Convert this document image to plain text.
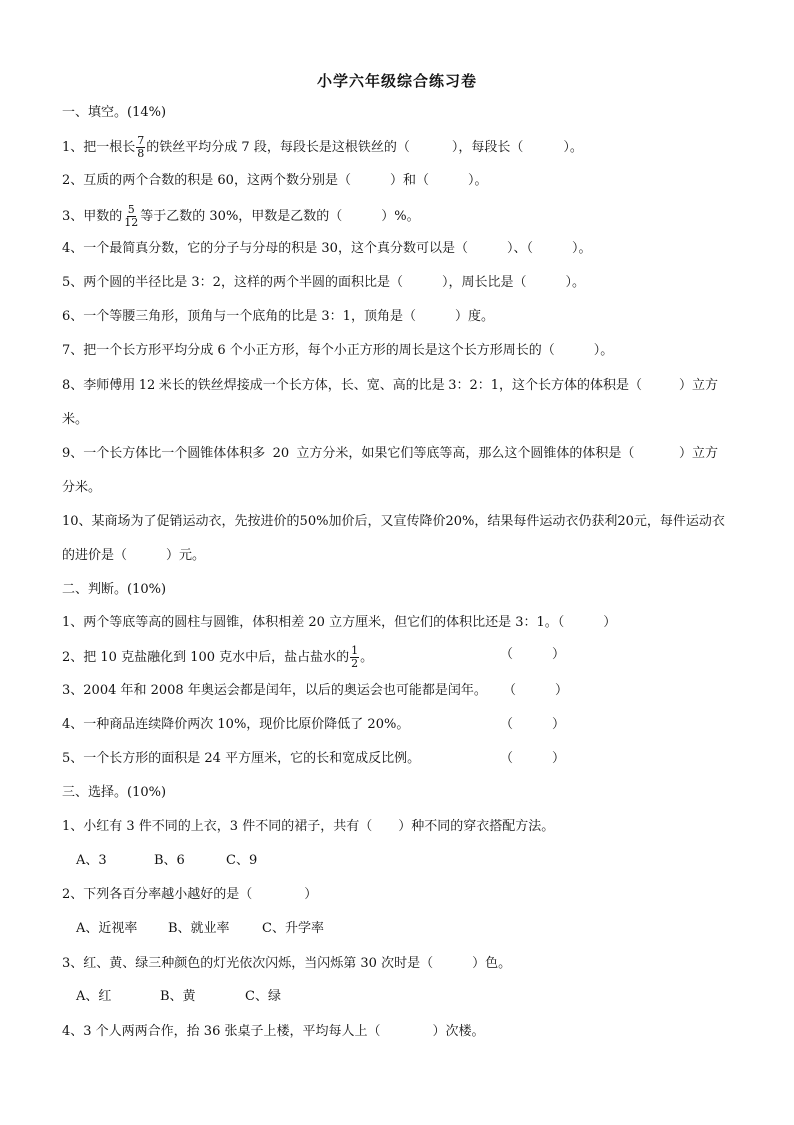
小学六年级综合练习卷
一、填空。(14%)
1、把一根长 $\frac{7}{8}$ 的铁丝平均分成 7 段，每段长是这根铁丝的（	），每段长（	）。
2、互质的两个合数的积是 60，这两个数分别是（　　　）和（　　　）。
3、甲数的 $\frac{5}{12}$ 等于乙数的 30%，甲数是乙数的（　　　）%。
4、一个最简真分数，它的分子与分母的积是 30，这个真分数可以是（　　　）、（　　　）。
5、两个圆的半径比是 3：2，这样的两个半圆的面积比是（　　　），周长比是（　　　）。
6、一个等腰三角形，顶角与一个底角的比是 3：1，顶角是（　　　）度。
7、把一个长方形平均分成 6 个小正方形，每个小正方形的周长是这个长方形周长的（　　　）。
8、李师傅用 12 米长的铁丝焊接成一个长方体，长、宽、高的比是 3：2：1，这个长方体的体积是（	）立方
米。
9、一个长方体比一个圆锥体体积多 20 立方分米，如果它们等底等高，那么这个圆锥体的体积是（	）立方
分米。
10、某商场为了促销运动衣，先按进价的 50%加价后，又宣传降价 20%，结果每件运动衣仍获利 20 元，每件运动衣
的进价是（　　　）元。
二、判断。(10%)
1、两个等底等高的圆柱与圆锥，体积相差 20 立方厘米，但它们的体积比还是 3：1。（　　　）
2、把 10 克盐融化到 100 克水中后，盐占盐水的 $\frac{1}{2}$ 。	（　　　）
3、2004 年和 2008 年奥运会都是闰年，以后的奥运会也可能都是闰年。 （　　　）
4、一种商品连续降价两次 10%，现价比原价降低了 20%。	（　　　）
5、一个长方形的面积是 24 平方厘米，它的长和宽成反比例。	（　　　）
三、选择。(10%)
1、小红有 3 件不同的上衣，3 件不同的裙子，共有（　　）种不同的穿衣搭配方法。
A、3	B、6	C、9
2、下列各百分率越小越好的是（　　　　）
A、近视率 B、就业率 C、升学率
3、红、黄、绿三种颜色的灯光依次闪烁，当闪烁第 30 次时是（　　　）色。
A、红	B、黄	C、绿
4、3 个人两两合作，抬 36 张桌子上楼，平均每人上（　　　　）次楼。
